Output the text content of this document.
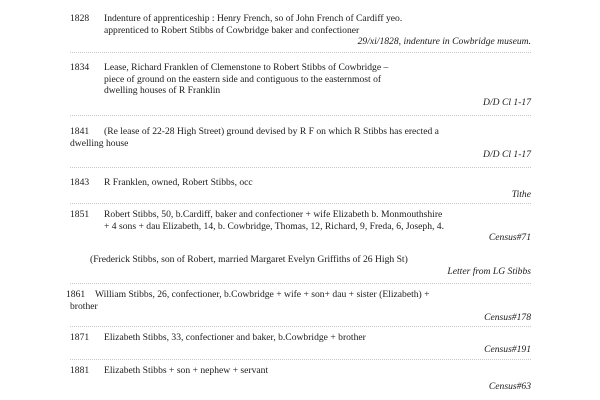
1828 Indenture of apprenticeship : Henry French, so of John French of Cardiff yeo.
apprenticed to Robert Stibbs of Cowbridge baker and confectioner
29/xi/1828, indenture in Cowbridge museum.
1834 Lease, Richard Franklen of Clemenstone to Robert Stibbs of Cowbridge –
piece of ground on the eastern side and contiguous to the easternmost of
dwelling houses of R Franklin
D/D Cl 1-17
1841 (Re lease of 22-28 High Street) ground devised by R F on which R Stibbs has erected a
dwelling house
D/D Cl 1-17
1843 R Franklen, owned, Robert Stibbs, occ
Tithe
1851 Robert Stibbs, 50, b.Cardiff, baker and confectioner + wife Elizabeth b. Monmouthshire
+ 4 sons + dau Elizabeth, 14, b. Cowbridge, Thomas, 12, Richard, 9, Freda, 6, Joseph, 4.
Census#71
(Frederick Stibbs, son of Robert, married Margaret Evelyn Griffiths of 26 High St)
Letter from LG Stibbs
1861 William Stibbs, 26, confectioner, b.Cowbridge + wife + son+ dau + sister (Elizabeth) +
brother
Census#178
1871 Elizabeth Stibbs, 33, confectioner and baker, b.Cowbridge + brother
Census#191
1881 Elizabeth Stibbs + son + nephew + servant
Census#63
